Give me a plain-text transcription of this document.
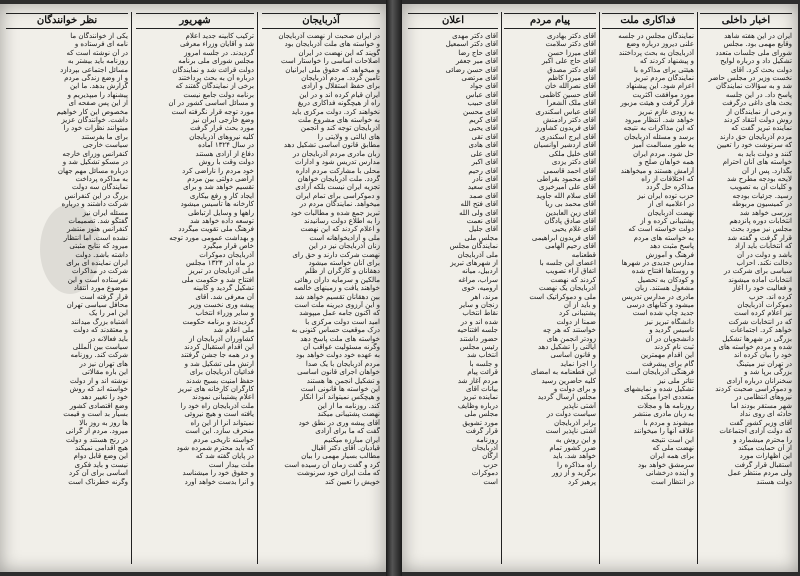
آذربایجان
در ایران صحبت از نهضت آذربایجان
و خواسته های ملت آذربایجان بود
گویند که این نهضت در ایران
اصلاحات اساسی را خواستار است
و میخواهد که حقوق ملی ایرانیان
تامین گردد. مردم آذربایجان
برای حفظ استقلال و آزادی
ایران قیام کرده اند و در این
راه از هیچگونه فداکاری دریغ
نخواهند کرد. دولت مرکزی باید
به خواسته های مشروع ملت
آذربایجان توجه کند و انجمن
های ایالتی و ولایتی را
مطابق قانون اساسی تشکیل دهد
زبان مادری مردم آذربایجان در
مدارس تدریس شود و ادارات
محلی با مشارکت مردم اداره
گردد. ملت آذربایجان خواهان
تجزیه ایران نیست بلکه آزادی
و دموکراسی برای تمام ایران
میخواهد. نمایندگان مردم در
تبریز جمع شده و مطالبات خود
را به اطلاع دولت رسانیدند
و اعلام کردند که این نهضت
ملی و آزادیخواهانه است
زنان آذربایجان نیز در این
نهضت شرکت دارند و حق رای
برای آنان خواسته میشود
دهقانان و کارگران از ظلم
مالکین و سرمایه داران رهائی
خواهند یافت و زمینهای خالصه
بین دهقانان تقسیم خواهد شد
و این آرزوی دیرینه ملت است
که اکنون جامه عمل میپوشد
امید است دولت مرکزی با
درک موقعیت حساس کنونی به
خواسته های ملت پاسخ دهد
وگرنه مسئولیت عواقب آن
به عهده خود دولت خواهد بود
مردم آذربایجان با یک صدا
خواهان اجرای قانون اساسی
و تشکیل انجمن ها هستند
این خواسته ها قانونی است
و هیچکس نمیتواند آنرا انکار
کند. روزنامه ما از این
نهضت پشتیبانی میکند
آقای پیشه وری در نطق خود
گفت که ما برای آزادی
ایران مبارزه میکنیم
قیادیان. آقای دکتر اقبال
مطالب بسیار مهمی را بیان
کرد و گفت زمان آن رسیده است
که ملت ایران خود سرنوشت
خویش را تعیین کند
شهریور
ترکیب کابینه جدید اعلام
شد و آقایان وزراء معرفی
گردیدند. در جلسه امروز
مجلس شورای ملی برنامه
دولت قرائت شد و نمایندگان
درباره آن به بحث پرداختند
برخی از نمایندگان گفتند که
برنامه دولت جامع نیست
و مسائل اساسی کشور در آن
مورد توجه قرار نگرفته است
وضع خارجی ایران نیز
مورد بحث قرار گرفت
کلیه نیروهای آذربایجان
در سال ۱۳۲۴ آماده
دفاع از آزادی هستند
دولت وقت با روش
خود مردم را ناراضی کرد
اراضی دولتی بین مردم
تقسیم خواهد شد و برای
ایجاد کار و رفع بیکاری
کارخانه ها تاسیس میشود
راهها و وسایل ارتباطی
توسعه داده خواهد شد
فرهنگ ملی تقویت میگردد
و بهداشت عمومی مورد توجه
خاص قرار میگیرد
آذربایجان دموکرات
در ماه آذر ۱۳۲۴ مجلس
ملی آذربایجان در تبریز
افتتاح شد و حکومت ملی
تشکیل گردید و کابینه
آن معرفی شد. آقای
پیشه وری نخست وزیر
و سایر وزراء انتخاب
گردیدند و برنامه حکومت
ملی اعلام شد
کشاورزان آذربایجان از
این اقدام استقبال کردند
و در همه جا جشن گرفتند
ارتش ملی تشکیل شد و
فدائیان آذربایجان برای
حفظ امنیت بسیج شدند
کارگران کارخانه های تبریز
اعلام پشتیبانی نمودند
ملت آذربایجان راه خود را
یافته است و هیچ نیروئی
نمیتواند آنرا از این راه
منحرف سازد. این است
خواسته تاریخی مردم
که باید محترم شمرده شود
در پایان گفته شد که
ملت بیدار است
و حقوق خود را میشناسد
و آنرا بدست خواهد آورد
نظر خوانندگان
یکی از خوانندگان ما
نامه ای فرستاده و
در آن نوشته است که
روزنامه باید بیشتر به
مسائل اجتماعی بپردازد
و از وضع زندگی مردم
گزارش بدهد. ما این
پیشنهاد را میپذیریم و
از این پس صفحه ای
مخصوص این کار خواهیم
داشت. خوانندگان عزیز
میتوانند نظرات خود را
برای ما بفرستند
سیاست خارجی
کنفرانس وزرای خارجه
در مسکو تشکیل شد و
درباره مسائل مهم جهان
به مذاکره پرداخت
نمایندگان سه دولت
بزرگ در این کنفرانس
شرکت داشتند و درباره
مسئله ایران نیز
گفتگو شد. تصمیمات
کنفرانس هنوز منتشر
نشده است. اما انتظار
میرود که نتایج مثبتی
داشته باشد. دولت
ایران نماینده ای برای
شرکت در مذاکرات
نفرستاده است و این
موضوع مورد انتقاد
قرار گرفته است
محافل سیاسی تهران
این امر را یک
اشتباه بزرگ میدانند
و معتقدند که دولت
باید فعالانه در
سیاست بین المللی
شرکت کند. روزنامه
های تهران نیز در
این باره مقالاتی
نوشته اند و از دولت
خواسته اند که روش
خود را تغییر دهد
وضع اقتصادی کشور
بسیار بد است و قیمت
ها روز به روز بالا
میرود. مردم از گرانی
در رنج هستند و دولت
هیچ اقدامی نمیکند
این وضع قابل دوام
نیست و باید فکری
اساسی برای آن کرد
وگرنه خطرناک است
اخبار داخلی
ایران در این هفته شاهد
وقایع مهمی بود. مجلس
شورای ملی جلسات متعدد
تشکیل داد و درباره لوایح
دولت بحث کرد. آقای
نخست وزیر در مجلس حاضر
شد و به سؤالات نمایندگان
پاسخ داد. در این جلسه
بحث های داغی درگرفت
و برخی از نمایندگان از
روش دولت انتقاد کردند
نماینده تبریز گفت که
مردم آذربایجان حق دارند
که سرنوشت خود را تعیین
کنند و دولت باید به
خواسته های آنان احترام
بگذارد. پس از آن
لایحه بودجه مطرح شد
و کلیات آن به تصویب
رسید. جزئیات بودجه
در کمیسیون مربوطه
بررسی خواهد شد
انتخابات دوره پانزدهم
مجلس نیز مورد بحث
قرار گرفت و گفته شد
که انتخابات باید آزاد
باشد و دولت در آن
دخالت نکند. احزاب
سیاسی برای شرکت در
انتخابات آماده میشوند
و فعالیت خود را آغاز
کرده اند. حزب
دموکرات آذربایجان
نیز اعلام کرده است
که در انتخابات شرکت
خواهد کرد. اجتماعات
بزرگی در شهرها تشکیل
شده و مردم خواسته های
خود را بیان کرده اند
در تهران نیز میتینگ
بزرگی برپا شد و
سخنرانان درباره آزادی
و دموکراسی صحبت کردند
نیروهای انتظامی در
شهر مستقر بودند اما
حادثه ای روی نداد
آقای وزیر کشور گفت
که دولت آزادی اجتماعات
را محترم میشمارد و
از آن حمایت میکند
این اظهارات مورد
استقبال قرار گرفت
ولی مردم منتظر عمل
دولت هستند
فداکاری ملت
نمایندگان مجلس در جلسه
علنی دیروز درباره وضع
آذربایجان به بحث پرداختند
و پیشنهاد کردند که
هیئتی برای مذاکره با
نمایندگان مردم تبریز
اعزام شود. این پیشنهاد
مورد موافقت اکثریت
قرار گرفت و هیئت مزبور
به زودی عازم تبریز
خواهد شد. انتظار میرود
که این مذاکرات به نتیجه
برسد و مسئله آذربایجان
به طور مسالمت آمیز
حل شود. مردم ایران
همه خواهان صلح و
آرامش هستند و میخواهند
که اختلافات از راه
مذاکره حل گردد
حزب توده ایران نیز
در اعلامیه ای از
نهضت آذربایجان
پشتیبانی کرده و از
دولت خواسته است که
به خواسته های مردم
پاسخ مثبت دهد
فرهنگ و آموزش
مدارس جدیدی در شهرها
و روستاها افتتاح شده
و کودکان به تحصیل
مشغول هستند. زبان
مادری در مدارس تدریس
میشود و کتابهای درسی
جدید چاپ شده است
دانشگاه تبریز نیز
تاسیس گردید و
دانشجویان در آن
ثبت نام کردند
این اقدام مهمترین
گام برای پیشرفت
فرهنگی آذربایجان است
تئاتر ملی نیز
تشکیل شده و نمایشهای
متعددی اجرا میکند
روزنامه ها و مجلات
به زبان مادری منتشر
میشوند و مردم با
علاقه آنها را میخوانند
این است نتیجه
نهضت ملی که
برای همه ایران
سرمشق خواهد بود
و آینده درخشانی
در انتظار است
پیام مردم
آقای دکتر بهادری
آقای دکتر سلامت
آقای میرزا حسن
آقای حاج علی اکبر
آقای دکتر مصدق
آقای میرزا کاظم
آقای نصرالله خان
آقای حسین کاظمی
آقای ملک الشعرا
آقای عباس اسکندری
آقای دکتر رادمنش
آقای فریدون کشاورز
آقای ایرج اسکندری
آقای اردشیر آوانسیان
آقای خلیل ملکی
آقای دکتر یزدی
آقای احمد قاسمی
آقای محمود بقراطی
آقای علی امیرخیزی
آقای سلام الله جاوید
آقای محمد بی ریا
آقای زین العابدین
آقای صادق پادگان
آقای غلام یحیی
آقای فریدون ابراهیمی
آقای رحیم الهامی
قطعنامه
اعضای این جلسه با
اتفاق آراء تصویب
کردند که نهضت
آذربایجان یک نهضت
ملی و دموکراتیک است
و باید از آن
پشتیبانی کرد
ضمنا از دولت
خواستند که هر چه
زودتر انجمن های
ایالتی را تشکیل دهد
و قانون اساسی
را اجرا نماید
این قطعنامه به امضای
کلیه حاضرین رسید
و برای دولت و
مجلس ارسال گردید
آشتی ناپذیر
سیاست دولت در
برابر آذربایجان
آشتی ناپذیر است
و این روش به
ضرر کشور تمام
خواهد شد. باید
راه مذاکره را
برگزید و از زور
پرهیز کرد
اعلان
آقای دکتر مهدی
آقای دکتر اسمعیل
آقای حاج رضا
آقای میر جعفر
آقای حسن رضائی
آقای مرتضی
آقای جواد
آقای عباس
آقای حبیب
آقای محسن
آقای کریم
آقای یحیی
آقای تقی
آقای هادی
آقای علی
آقای اکبر
آقای رحیم
آقای نادر
آقای سعید
آقای صمد
آقای فتح الله
آقای ولی الله
آقای نعمت
آقای جلیل
مجلس ملی
نمایندگان مجلس
ملی آذربایجان
از شهرهای تبریز
اردبیل، میانه
سراب، مراغه
ارومیه، خوی
مرند، اهر
زنجان و سایر
نقاط انتخاب
شده اند و در
جلسه افتتاحیه
حضور داشتند
رئیس مجلس
انتخاب شد
و جلسه با
قرائت پیام
مردم آغاز شد
بیانات آقای
نماینده تبریز
درباره وظایف
مجلس ملی
مورد تشویق
قرار گرفت
روزنامه
آذربایجان
ارگان
حزب
دموکرات
است
